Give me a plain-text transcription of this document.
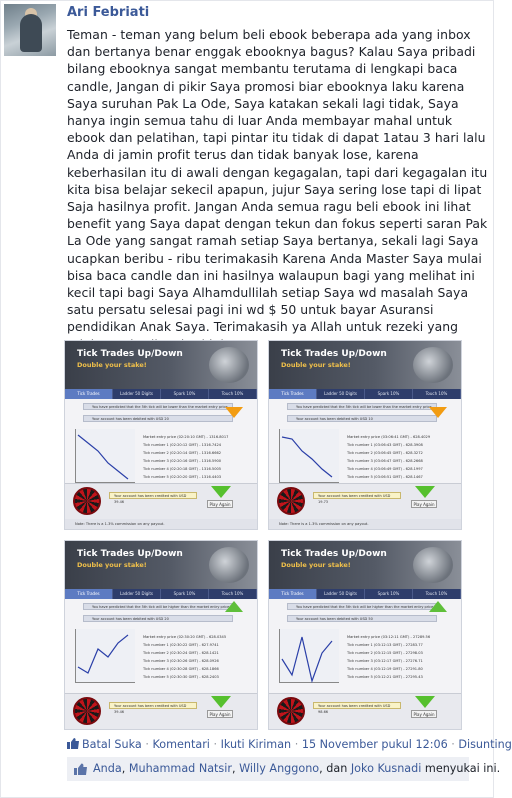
Ari Febriati
Teman - teman yang belum beli ebook beberapa ada yang inbox dan bertanya benar enggak ebooknya bagus? Kalau Saya pribadi bilang ebooknya sangat membantu terutama di lengkapi baca candle, Jangan di pikir Saya promosi biar ebooknya laku karena Saya suruhan Pak La Ode, Saya katakan sekali lagi tidak, Saya hanya ingin semua tahu di luar Anda membayar mahal untuk ebook dan pelatihan, tapi pintar itu tidak di dapat 1atau 3 hari lalu Anda di jamin profit terus dan tidak banyak lose, karena keberhasilan itu di awali dengan kegagalan, tapi dari kegagalan itu kita bisa belajar sekecil apapun, jujur Saya sering lose tapi di lipat Saja hasilnya profit. Jangan Anda semua ragu beli ebook ini lihat benefit yang Saya dapat dengan tekun dan fokus seperti saran Pak La Ode yang sangat ramah setiap Saya bertanya, sekali lagi Saya ucapkan beribu - ribu terimakasih Karena Anda Master Saya mulai bisa baca candle dan ini hasilnya walaupun bagi yang melihat ini kecil tapi bagi Saya Alhamdullilah setiap Saya wd masalah Saya satu persatu selesai pagi ini wd $ 50 untuk bayar Asuransi pendidikan Anak Saya. Terimakasih ya Allah untuk rezeki yang
Tick Trades Up/Down
Double your stake!
Tick Trades	Ladder 50 Digits	Spark 10%	Touch 10%
You have predicted that the 5th tick will be lower than the market entry price.
Your account has been debited with USD 20
Market entry price (02:20:10 GMT) - 1316.8017
Tick number 1 (02:20:12 GMT) - 1316.7424
Tick number 2 (02:20:14 GMT) - 1316.6662
Tick number 3 (02:20:16 GMT) - 1316.5900
Tick number 4 (02:20:18 GMT) - 1316.5005
Tick number 5 (02:20:20 GMT) - 1316.4403
Your account has been credited with USD 39.46	Play Again
Note: There is a 1.3% commission on any payout.
Tick Trades Up/Down
Double your stake!
Tick Trades	Ladder 50 Digits	Spark 10%	Touch 10%
You have predicted that the 5th tick will be lower than the market entry price.
Your account has been debited with USD 10
Market entry price (03:06:41 GMT) - 628.4029
Tick number 1 (03:06:43 GMT) - 628.3908
Tick number 2 (03:06:45 GMT) - 628.3272
Tick number 3 (03:06:47 GMT) - 628.2668
Tick number 4 (03:06:49 GMT) - 628.1997
Tick number 5 (03:06:51 GMT) - 628.1467
Your account has been credited with USD 19.73	Play Again
Note: There is a 1.3% commission on any payout.
Tick Trades Up/Down
Double your stake!
Tick Trades	Ladder 50 Digits	Spark 10%	Touch 10%
You have predicted that the 5th tick will be higher than the market entry price.
Your account has been debited with USD 20
Market entry price (02:30:20 GMT) - 628.0345
Tick number 1 (02:30:22 GMT) - 627.9741
Tick number 2 (02:30:24 GMT) - 628.1421
Tick number 3 (02:30:26 GMT) - 628.0926
Tick number 4 (02:30:28 GMT) - 628.1866
Tick number 5 (02:30:30 GMT) - 628.2403
Your account has been credited with USD 39.46	Play Again
Tick Trades Up/Down
Double your stake!
Tick Trades	Ladder 50 Digits	Spark 10%	Touch 10%
You have predicted that the 5th tick will be higher than the market entry price.
Your account has been debited with USD 50
Market entry price (03:12:11 GMT) - 27289.56
Tick number 1 (03:12:13 GMT) - 27283.77
Tick number 2 (03:12:15 GMT) - 27298.03
Tick number 3 (03:12:17 GMT) - 27276.71
Tick number 4 (03:12:19 GMT) - 27291.80
Tick number 5 (03:12:21 GMT) - 27295.43
Your account has been credited with USD 98.66	Play Again
Batal Suka · Komentari · Ikuti Kiriman · 15 November pukul 12:06 · Disunting
Anda, Muhammad Natsir, Willy Anggono, dan Joko Kusnadi menyukai ini.
